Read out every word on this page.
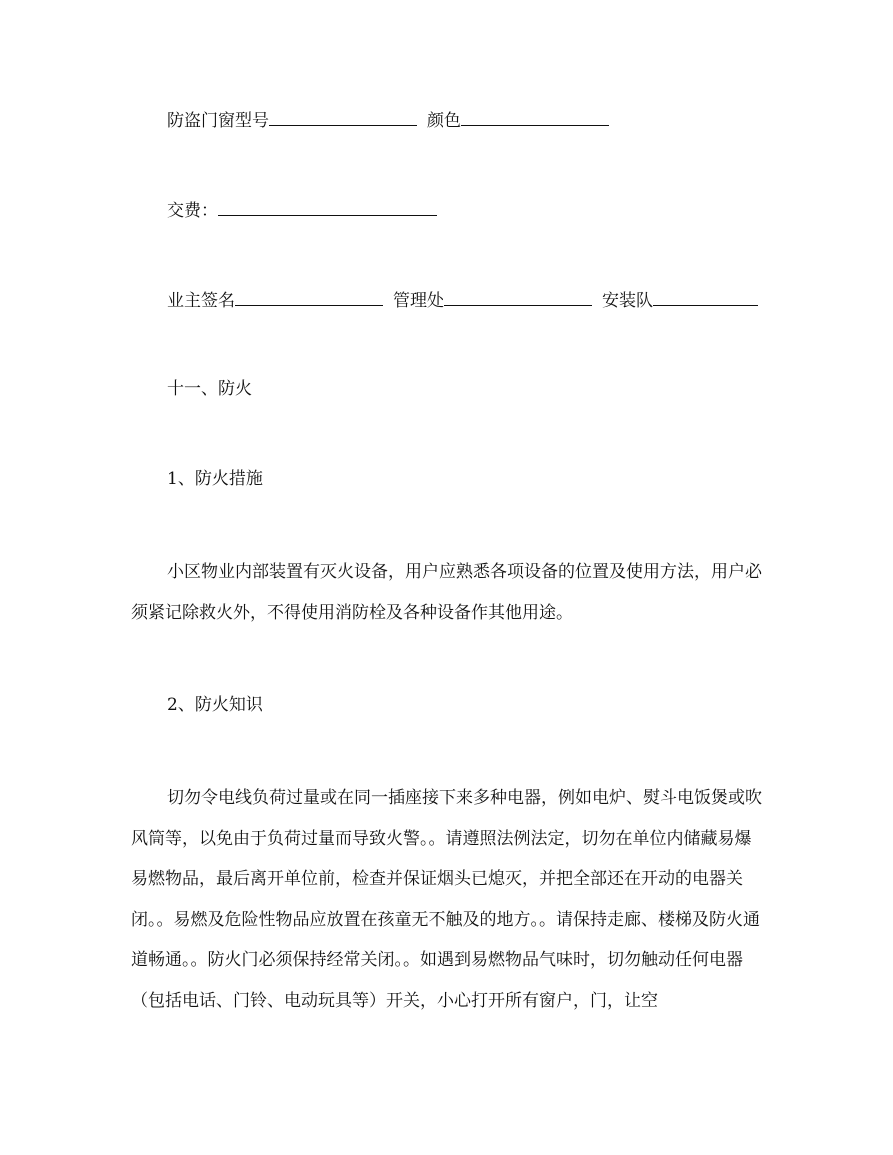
防盗门窗型号	颜色
交费：
业主签名	管理处	安装队
十一、防火
1、防火措施
小区物业内部装置有灭火设备，用户应熟悉各项设备的位置及使用方法，用户必须紧记除救火外，不得使用消防栓及各种设备作其他用途。
2、防火知识
切勿令电线负荷过量或在同一插座接下来多种电器，例如电炉、熨斗电饭煲或吹风筒等，以免由于负荷过量而导致火警。。请遵照法例法定，切勿在单位内储藏易爆易燃物品，最后离开单位前，检查并保证烟头已熄灭，并把全部还在开动的电器关闭。。易燃及危险性物品应放置在孩童无不触及的地方。。请保持走廊、楼梯及防火通道畅通。。防火门必须保持经常关闭。。如遇到易燃物品气味时，切勿触动任何电器（包括电话、门铃、电动玩具等）开关，小心打开所有窗户，门，让空
